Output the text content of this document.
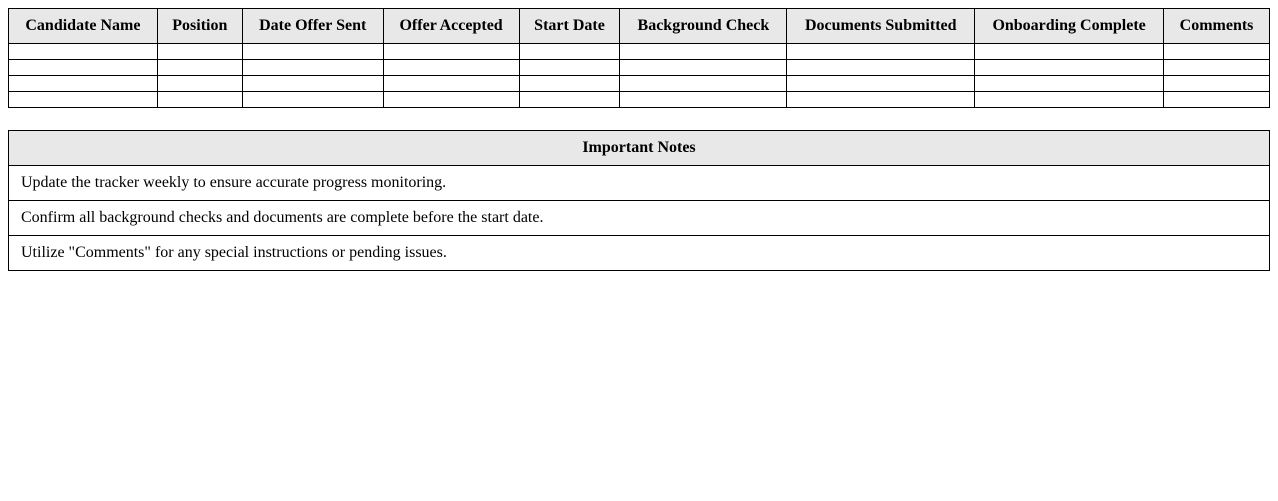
Candidate Name	Position	Date Offer Sent	Offer Accepted	Start Date	Background Check	Documents Submitted	Onboarding Complete	Comments

Important Notes
Update the tracker weekly to ensure accurate progress monitoring.
Confirm all background checks and documents are complete before the start date.
Utilize "Comments" for any special instructions or pending issues.
